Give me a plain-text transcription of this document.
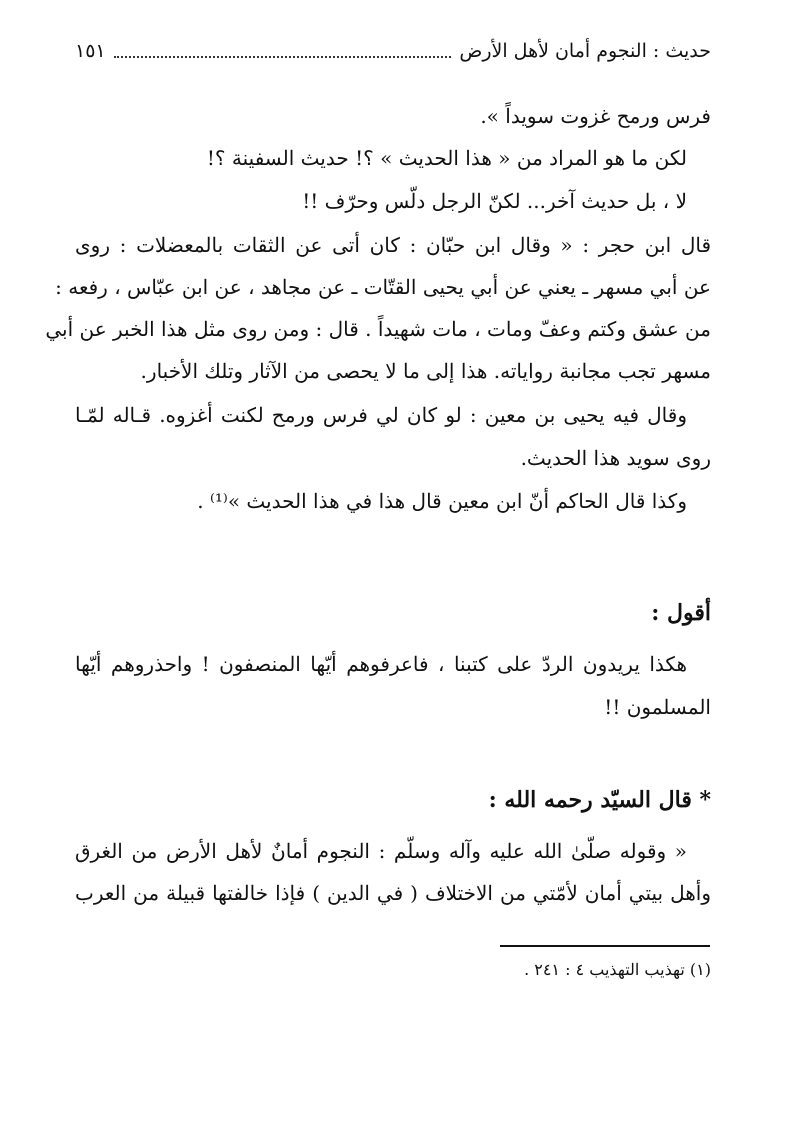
حديث : النجوم أمان لأهل الأرض
١٥١
فرس ورمح غزوت سويداً ».
لكن ما هو المراد من « هذا الحديث » ؟! حديث السفينة ؟!
لا ، بل حديث آخر... لكنّ الرجل دلّس وحرّف !!
قال ابن حجر : « وقال ابن حبّان : كان أتى عن الثقات بالمعضلات : روى
عن أبي مسهر ـ يعني عن أبي يحيى القتّات ـ عن مجاهد ، عن ابن عبّاس ، رفعه :
من عشق وكتم وعفّ ومات ، مات شهيداً . قال : ومن روى مثل هذا الخبر عن أبي
مسهر تجب مجانبة رواياته. هذا إلى ما لا يحصى من الآثار وتلك الأخبار.
وقال فيه يحيى بن معين : لو كان لي فرس ورمح لكنت أغزوه. قـاله لمّـا
روى سويد هذا الحديث.
وكذا قال الحاكم أنّ ابن معين قال هذا في هذا الحديث »⁽¹⁾ .
أقول :
هكذا يريدون الردّ على كتبنا ، فاعرفوهم أيّها المنصفون ! واحذروهم أيّها
المسلمون !!
* قال السيّد رحمه الله :
« وقوله صلّىٰ الله عليه وآله وسلّم : النجوم أمانٌ لأهل الأرض من الغرق
وأهل بيتي أمان لأمّتي من الاختلاف ( في الدين ) فإذا خالفتها قبيلة من العرب
(١) تهذيب التهذيب ٤ : ٢٤١ .
